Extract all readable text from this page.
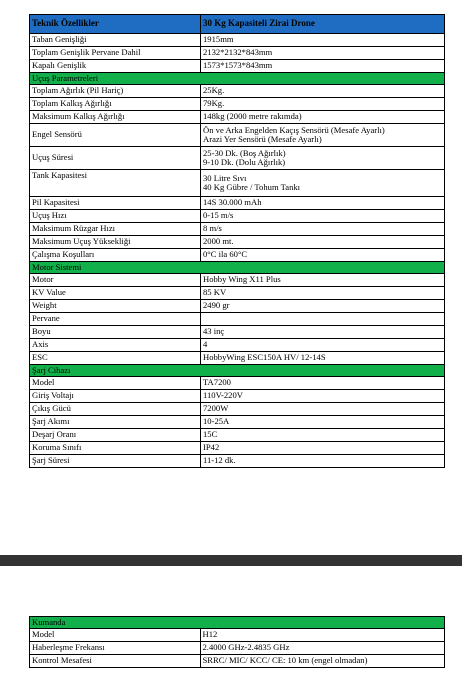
Teknik Özellikler	30 Kg Kapasiteli Zirai Drone
Taban Genişliği	1915mm
Toplam Genişlik Pervane Dahil	2132*2132*843mm
Kapalı Genişlik	1573*1573*843mm
Uçuş Parametreleri	
Toplam Ağırlık (Pil Hariç)	25Kg.
Toplam Kalkış Ağırlığı	79Kg.
Maksimum Kalkış Ağırlığı	148kg (2000 metre rakımda)
Engel Sensörü	Ön ve Arka Engelden Kaçış Sensörü (Mesafe Ayarlı)
Arazi Yer Sensörü (Mesafe Ayarlı)

Uçuş Süresi	25-30 Dk. (Boş Ağırlık)
9-10 Dk. (Dolu Ağırlık)

Tank Kapasitesi	30 Litre Sıvı
40 Kg Gübre / Tohum Tankı

Pil Kapasitesi	14S 30.000 mAh
Uçuş Hızı	0-15 m/s
Maksimum Rüzgar Hızı	8 m/s
Maksimum Uçuş Yüksekliği	2000 mt.
Çalışma Koşulları	0°C ila 60°C
Motor Sistemi	
Motor	Hobby Wing X11 Plus
KV Value	85 KV
Weight	2490 gr
Pervane	
Boyu	43 inç
Axis	4
ESC	HobbyWing ESC150A HV/ 12-14S
Şarj Cihazı	
Model	TA7200
Giriş Voltajı	110V-220V
Çıkış Gücü	7200W
Şarj Akımı	10-25A
Deşarj Oranı	15C
Koruma Sınıfı	IP42
Şarj Süresi	11-12 dk.
Kumanda	
Model	H12
Haberleşme Frekansı	2.4000 GHz-2.4835 GHz
Kontrol Mesafesi	SRRC/ MIC/ KCC/ CE: 10 km (engel olmadan)
